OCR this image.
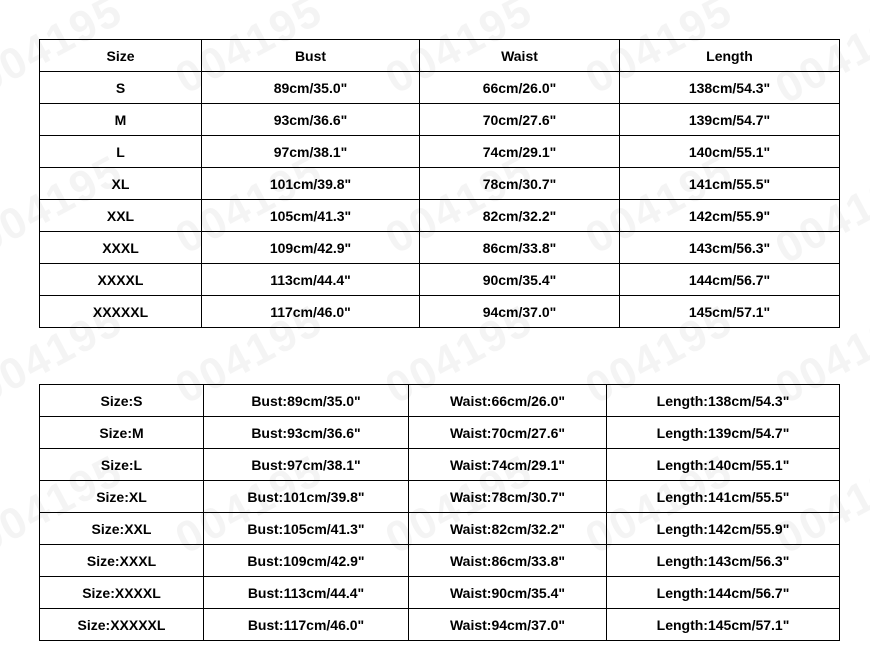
Size	Bust	Waist	Length
S	89cm/35.0"	66cm/26.0"	138cm/54.3"
M	93cm/36.6"	70cm/27.6"	139cm/54.7"
L	97cm/38.1"	74cm/29.1"	140cm/55.1"
XL	101cm/39.8"	78cm/30.7"	141cm/55.5"
XXL	105cm/41.3"	82cm/32.2"	142cm/55.9"
XXXL	109cm/42.9"	86cm/33.8"	143cm/56.3"
XXXXL	113cm/44.4"	90cm/35.4"	144cm/56.7"
XXXXXL	117cm/46.0"	94cm/37.0"	145cm/57.1"
Size:S	Bust:89cm/35.0"	Waist:66cm/26.0"	Length:138cm/54.3"
Size:M	Bust:93cm/36.6"	Waist:70cm/27.6"	Length:139cm/54.7"
Size:L	Bust:97cm/38.1"	Waist:74cm/29.1"	Length:140cm/55.1"
Size:XL	Bust:101cm/39.8"	Waist:78cm/30.7"	Length:141cm/55.5"
Size:XXL	Bust:105cm/41.3"	Waist:82cm/32.2"	Length:142cm/55.9"
Size:XXXL	Bust:109cm/42.9"	Waist:86cm/33.8"	Length:143cm/56.3"
Size:XXXXL	Bust:113cm/44.4"	Waist:90cm/35.4"	Length:144cm/56.7"
Size:XXXXXL	Bust:117cm/46.0"	Waist:94cm/37.0"	Length:145cm/57.1"
